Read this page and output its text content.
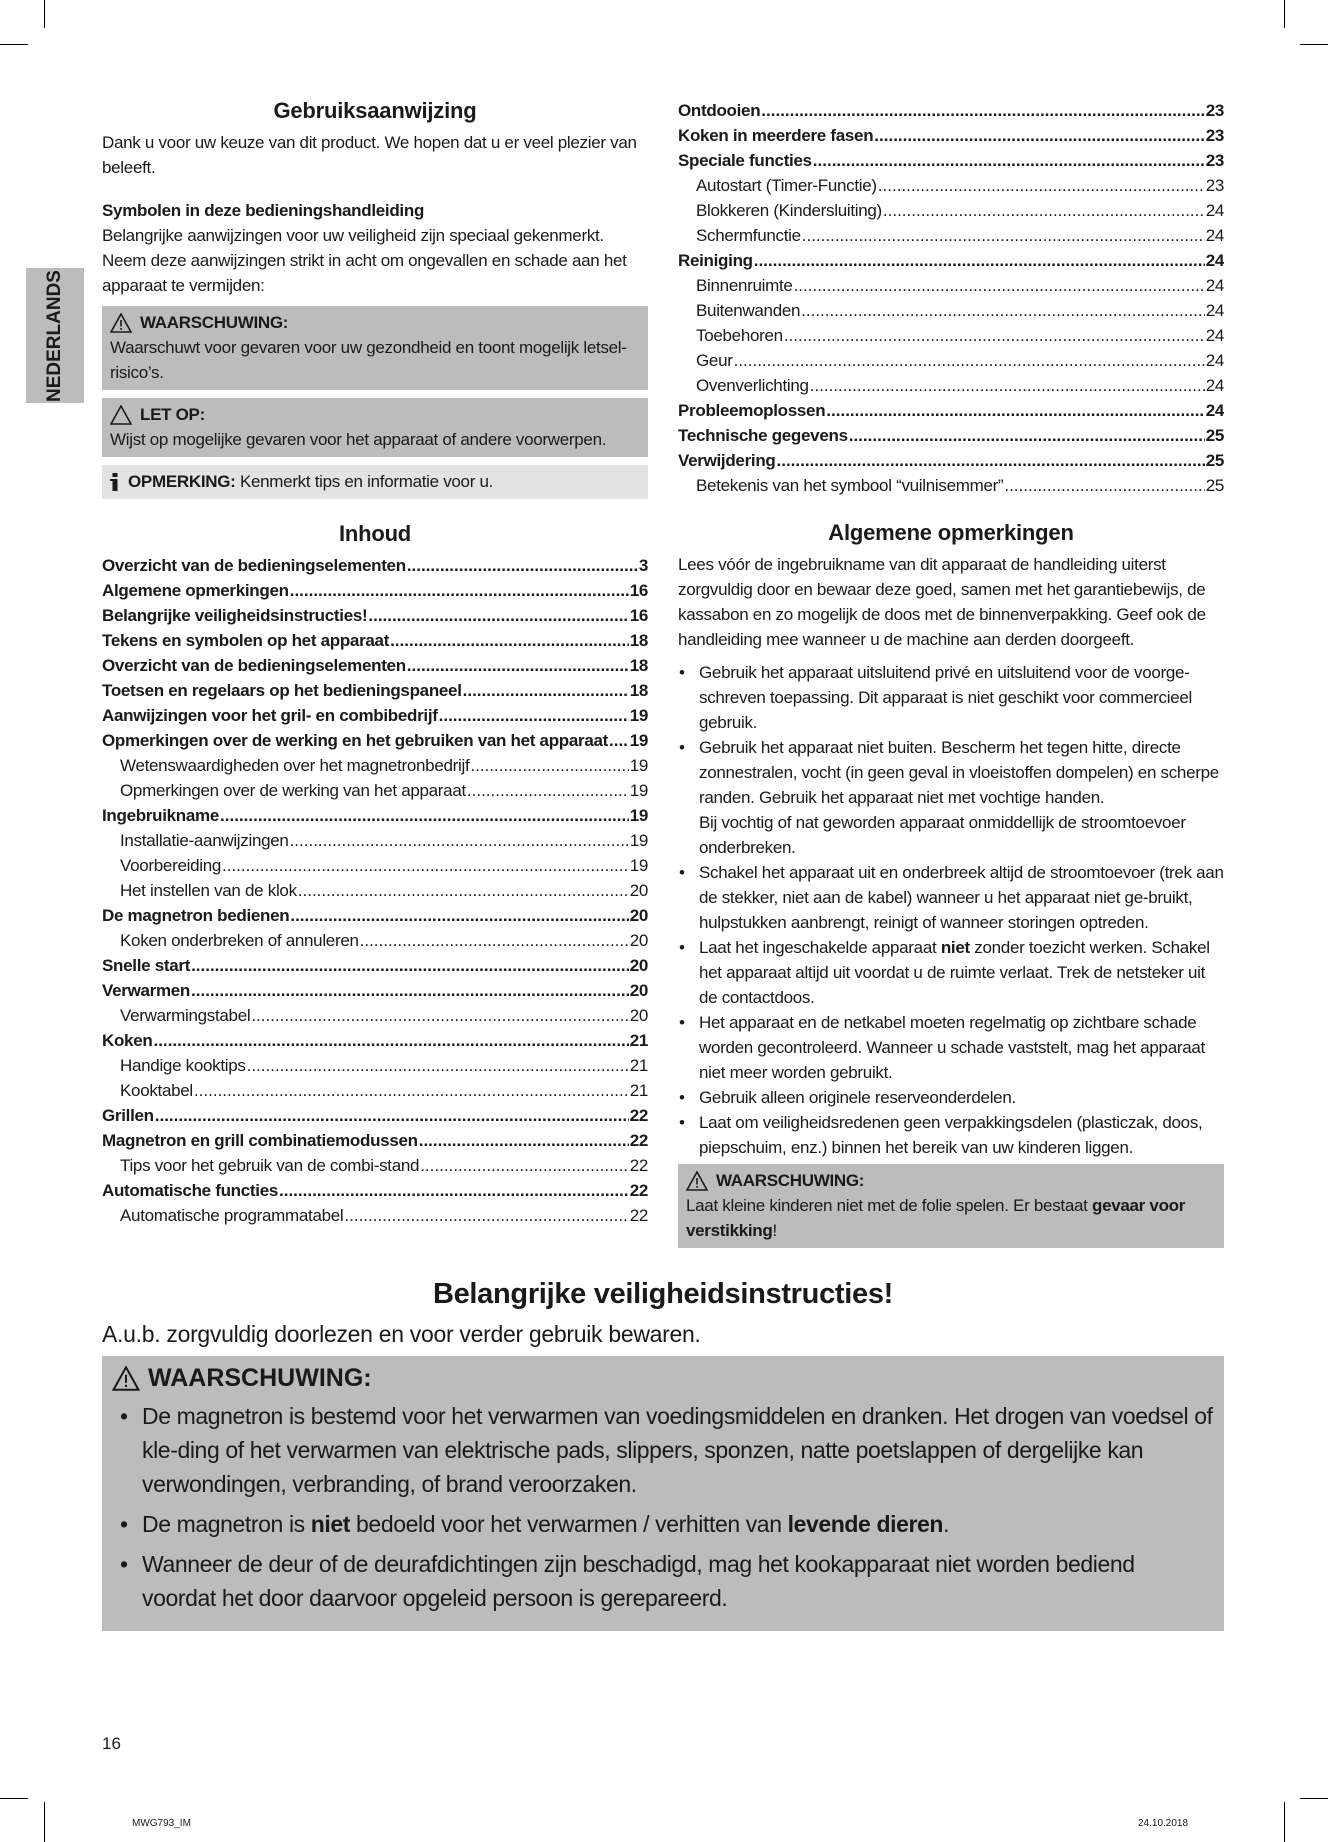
NEDERLANDS
Gebruiksaanwijzing

Dank u voor uw keuze van dit product. We hopen dat u er veel plezier van beleeft.

Symbolen in deze bedieningshandleiding

Belangrijke aanwijzingen voor uw veiligheid zijn speciaal gekenmerkt. Neem deze aanwijzingen strikt in acht om ongevallen en schade aan het apparaat te vermijden:

WAARSCHUWING:
Waarschuwt voor gevaren voor uw gezondheid en toont mogelijk letsel-risico’s.
LET OP:
Wijst op mogelijke gevaren voor het apparaat of andere voorwerpen.
OPMERKING: Kenmerkt tips en informatie voor u.
Inhoud
Overzicht van de bedieningselementen .....	3
Algemene opmerkingen .....	16
Belangrijke veiligheidsinstructies! .....	16
Tekens en symbolen op het apparaat .....	18
Overzicht van de bedieningselementen .....	18
Toetsen en regelaars op het bedieningspaneel .....	18
Aanwijzingen voor het gril- en combibedrijf .....	19
Opmerkingen over de werking en het gebruiken van het apparaat ..... 19
Wetenswaardigheden over het magnetronbedrijf .....	19
Opmerkingen over de werking van het apparaat .....	19
Ingebruikname .....	19
Installatie-aanwijzingen .....	19
Voorbereiding .....	19
Het instellen van de klok .....	20
De magnetron bedienen .....	20
Koken onderbreken of annuleren .....	20
Snelle start .....	20
Verwarmen .....	20
Verwarmingstabel .....	20
Koken .....	21
Handige kooktips .....	21
Kooktabel .....	21
Grillen .....	22
Magnetron en grill combinatiemodussen .....	22
Tips voor het gebruik van de combi-stand .....	22
Automatische functies .....	22
Automatische programmatabel .....	22
Ontdooien .....	23
Koken in meerdere fasen .....	23
Speciale functies .....	23
Autostart (Timer-Functie) .....	23
Blokkeren (Kindersluiting) .....	24
Schermfunctie .....	24
Reiniging .....	24
Binnenruimte .....	24
Buitenwanden .....	24
Toebehoren .....	24
Geur .....	24
Ovenverlichting .....	24
Probleemoplossen .....	24
Technische gegevens .....	25
Verwijdering .....	25
Betekenis van het symbool “vuilnisemmer” .....	25
Algemene opmerkingen

Lees vóór de ingebruikname van dit apparaat de handleiding uiterst zorgvuldig door en bewaar deze goed, samen met het garantiebewijs, de kassabon en zo mogelijk de doos met de binnenverpakking. Geef ook de handleiding mee wanneer u de machine aan derden doorgeeft.

• Gebruik het apparaat uitsluitend privé en uitsluitend voor de voorge-schreven toepassing. Dit apparaat is niet geschikt voor commercieel gebruik.
• Gebruik het apparaat niet buiten. Bescherm het tegen hitte, directe zonnestralen, vocht (in geen geval in vloeistoffen dompelen) en scherpe randen. Gebruik het apparaat niet met vochtige handen.
Bij vochtig of nat geworden apparaat onmiddellijk de stroomtoevoer onderbreken.
• Schakel het apparaat uit en onderbreek altijd de stroomtoevoer (trek aan de stekker, niet aan de kabel) wanneer u het apparaat niet ge-bruikt, hulpstukken aanbrengt, reinigt of wanneer storingen optreden.
• Laat het ingeschakelde apparaat niet zonder toezicht werken. Schakel het apparaat altijd uit voordat u de ruimte verlaat. Trek de netsteker uit de contactdoos.
• Het apparaat en de netkabel moeten regelmatig op zichtbare schade worden gecontroleerd. Wanneer u schade vaststelt, mag het apparaat niet meer worden gebruikt.
• Gebruik alleen originele reserveonderdelen.
• Laat om veiligheidsredenen geen verpakkingsdelen (plasticzak, doos, piepschuim, enz.) binnen het bereik van uw kinderen liggen.
WAARSCHUWING:
Laat kleine kinderen niet met de folie spelen. Er bestaat gevaar voor verstikking!
Belangrijke veiligheidsinstructies!
A.u.b. zorgvuldig doorlezen en voor verder gebruik bewaren.
WAARSCHUWING:
• De magnetron is bestemd voor het verwarmen van voedingsmiddelen en dranken. Het drogen van voedsel of kle-ding of het verwarmen van elektrische pads, slippers, sponzen, natte poetslappen of dergelijke kan verwondingen, verbranding, of brand veroorzaken.
• De magnetron is niet bedoeld voor het verwarmen / verhitten van levende dieren.
• Wanneer de deur of de deurafdichtingen zijn beschadigd, mag het kookapparaat niet worden bediend voordat het door daarvoor opgeleid persoon is gerepareerd.
16
MWG793_IM	24.10.2018
